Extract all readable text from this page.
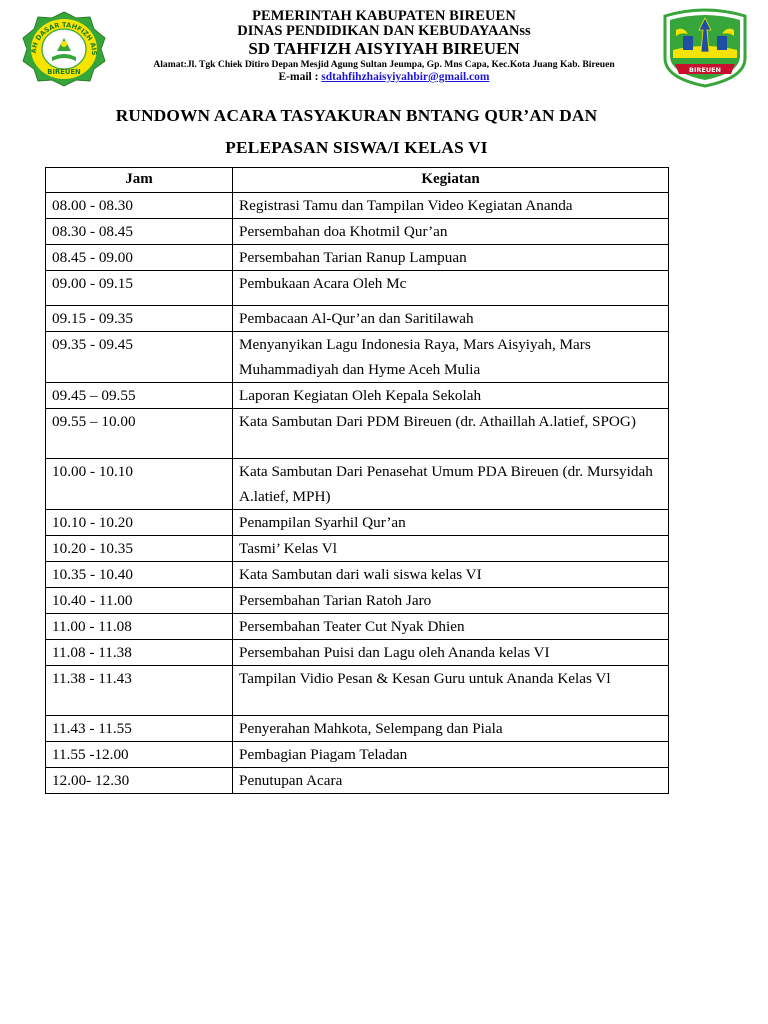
AH DASAR TAHFIZH AIS
BIREUEN	BIREUEN
PEMERINTAH KABUPATEN BIREUEN
DINAS PENDIDIKAN DAN KEBUDAYAANss
SD TAHFIZH AISYIYAH BIREUEN
Alamat:Jl. Tgk Chiek Ditiro Depan Mesjid Agung Sultan Jeumpa, Gp. Mns Capa, Kec.Kota Juang Kab. Bireuen
E-mail : sdtahfihzhaisyiyahbir@gmail.com
RUNDOWN ACARA TASYAKURAN BNTANG QUR’AN DAN
PELEPASAN SISWA/I KELAS VI
Jam	Kegiatan
08.00 - 08.30	Registrasi Tamu dan Tampilan Video Kegiatan Ananda
08.30 - 08.45	Persembahan doa Khotmil Qur’an
08.45 - 09.00	Persembahan Tarian Ranup Lampuan
09.00 - 09.15	Pembukaan Acara Oleh Mc
09.15 - 09.35	Pembacaan Al-Qur’an dan Saritilawah
09.35 - 09.45	Menyanyikan Lagu Indonesia Raya, Mars Aisyiyah, Mars Muhammadiyah dan Hyme Aceh Mulia
09.45 – 09.55	Laporan Kegiatan Oleh Kepala Sekolah
09.55 – 10.00	Kata Sambutan Dari PDM Bireuen (dr. Athaillah A.latief, SPOG)
10.00 - 10.10	Kata Sambutan Dari Penasehat Umum PDA Bireuen (dr. Mursyidah A.latief, MPH)
10.10 - 10.20	Penampilan Syarhil Qur’an
10.20 - 10.35	Tasmi’ Kelas Vl
10.35 - 10.40	Kata Sambutan dari wali siswa kelas VI
10.40 - 11.00	Persembahan Tarian Ratoh Jaro
11.00 - 11.08	Persembahan Teater Cut Nyak Dhien
11.08 - 11.38	Persembahan Puisi dan Lagu oleh Ananda kelas VI
11.38 - 11.43	Tampilan Vidio Pesan & Kesan Guru untuk Ananda Kelas Vl
11.43 - 11.55	Penyerahan Mahkota, Selempang dan Piala
11.55 -12.00	Pembagian Piagam Teladan
12.00- 12.30	Penutupan Acara
